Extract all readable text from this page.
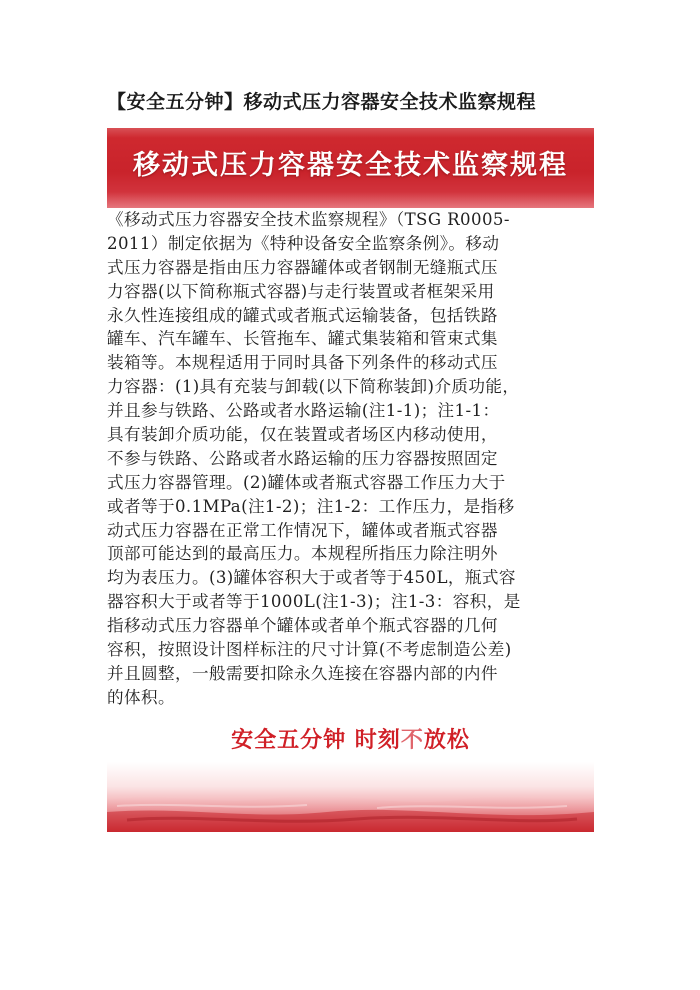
【安全五分钟】移动式压力容器安全技术监察规程
移动式压力容器安全技术监察规程
《移动式压力容器安全技术监察规程》（TSG R0005-
2011）制定依据为《特种设备安全监察条例》。移动
式压力容器是指由压力容器罐体或者钢制无缝瓶式压
力容器(以下简称瓶式容器)与走行装置或者框架采用
永久性连接组成的罐式或者瓶式运输装备，包括铁路
罐车、汽车罐车、长管拖车、罐式集装箱和管束式集
装箱等。本规程适用于同时具备下列条件的移动式压
力容器：(1)具有充装与卸载(以下简称装卸)介质功能，
并且参与铁路、公路或者水路运输(注1-1)；注1-1：
具有装卸介质功能，仅在装置或者场区内移动使用，
不参与铁路、公路或者水路运输的压力容器按照固定
式压力容器管理。(2)罐体或者瓶式容器工作压力大于
或者等于0.1MPa(注1-2)；注1-2：工作压力，是指移
动式压力容器在正常工作情况下，罐体或者瓶式容器
顶部可能达到的最高压力。本规程所指压力除注明外
均为表压力。(3)罐体容积大于或者等于450L，瓶式容
器容积大于或者等于1000L(注1-3)；注1-3：容积，是
指移动式压力容器单个罐体或者单个瓶式容器的几何
容积，按照设计图样标注的尺寸计算(不考虑制造公差)
并且圆整，一般需要扣除永久连接在容器内部的内件
的体积。
安全五分钟 时刻不放松
